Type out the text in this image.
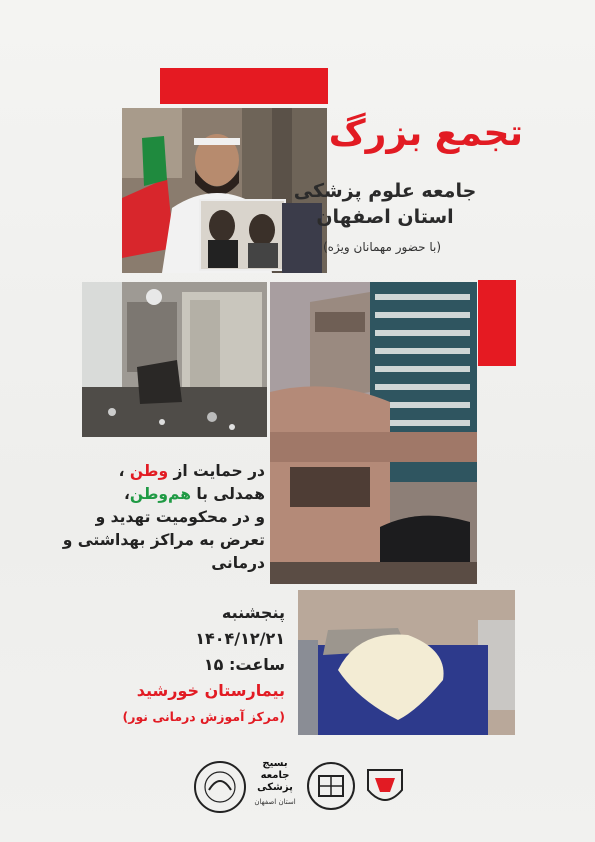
تجمع بزرگ
جامعه علوم پزشکی
استان اصفهان
(با حضور مهمانان ویژه)
در حمایت از وطن ،
همدلی با هم‌وطن،
و در محکومیت تهدید و
تعرض به مراکز بهداشتی و درمانی
پنجشنبه
۱۴۰۴/۱۲/۲۱
ساعت: ۱۵
بیمارستان خورشید
(مرکز آموزش درمانی نور)
بسیج جامعه پزشکی
استان اصفهان
